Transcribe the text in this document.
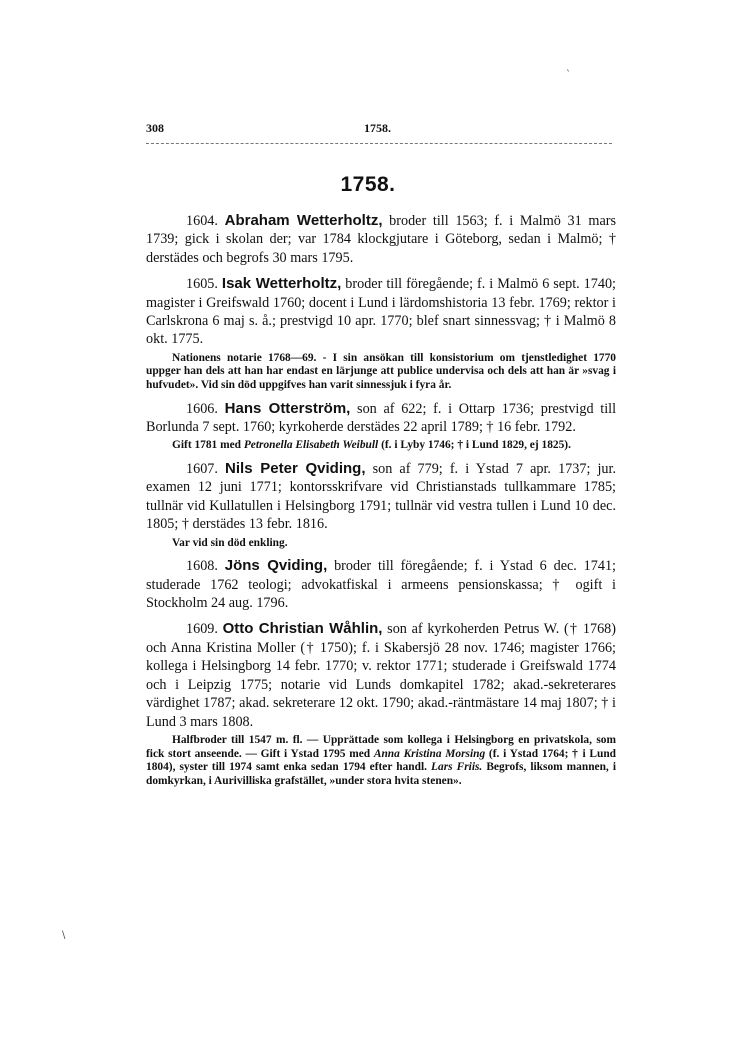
308	1758.
1758.

1604. Abraham Wetterholtz, broder till 1563; f. i Malmö 31 mars 1739; gick i skolan der; var 1784 klockgjutare i Göteborg, sedan i Malmö; † derstädes och begrofs 30 mars 1795.

1605. Isak Wetterholtz, broder till föregående; f. i Malmö 6 sept. 1740; magister i Greifswald 1760; docent i Lund i lärdomshistoria 13 febr. 1769; rektor i Carlskrona 6 maj s. å.; prestvigd 10 apr. 1770; blef snart sinnessvag; † i Malmö 8 okt. 1775.

Nationens notarie 1768—69. - I sin ansökan till konsistorium om tjenstledighet 1770 uppger han dels att han har endast en lärjunge att publice undervisa och dels att han är »svag i hufvudet». Vid sin död uppgifves han varit sinnessjuk i fyra år.

1606. Hans Otterström, son af 622; f. i Ottarp 1736; prestvigd till Borlunda 7 sept. 1760; kyrkoherde derstädes 22 april 1789; † 16 febr. 1792.

Gift 1781 med Petronella Elisabeth Weibull (f. i Lyby 1746; † i Lund 1829, ej 1825).

1607. Nils Peter Qviding, son af 779; f. i Ystad 7 apr. 1737; jur. examen 12 juni 1771; kontorsskrifvare vid Christianstads tullkammare 1785; tullnär vid Kullatullen i Helsingborg 1791; tullnär vid vestra tullen i Lund 10 dec. 1805; † derstädes 13 febr. 1816.

Var vid sin död enkling.

1608. Jöns Qviding, broder till föregående; f. i Ystad 6 dec. 1741; studerade 1762 teologi; advokatfiskal i armeens pensionskassa; † ogift i Stockholm 24 aug. 1796.

1609. Otto Christian Wåhlin, son af kyrkoherden Petrus W. († 1768) och Anna Kristina Moller († 1750); f. i Skabersjö 28 nov. 1746; magister 1766; kollega i Helsingborg 14 febr. 1770; v. rektor 1771; studerade i Greifswald 1774 och i Leipzig 1775; notarie vid Lunds domkapitel 1782; akad.-sekreterares värdighet 1787; akad. sekreterare 12 okt. 1790; akad.-räntmästare 14 maj 1807; † i Lund 3 mars 1808.

Halfbroder till 1547 m. fl. — Upprättade som kollega i Helsingborg en privatskola, som fick stort anseende. — Gift i Ystad 1795 med Anna Kristina Morsing (f. i Ystad 1764; † i Lund 1804), syster till 1974 samt enka sedan 1794 efter handl. Lars Friis. Begrofs, liksom mannen, i domkyrkan, i Aurivilliska grafstället, »under stora hvita stenen».

`
\
